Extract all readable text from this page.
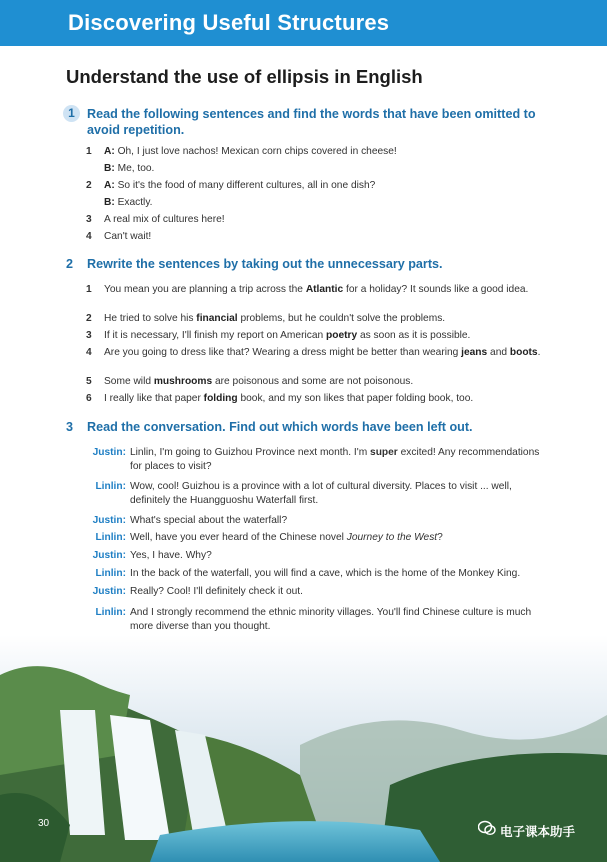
Discovering Useful Structures
Understand the use of ellipsis in English
1 Read the following sentences and find the words that have been omitted to avoid repetition.
1	A: Oh, I just love nachos! Mexican corn chips covered in cheese!
B: Me, too.
2	A: So it's the food of many different cultures, all in one dish?
B: Exactly.
3	A real mix of cultures here!
4	Can't wait!
2 Rewrite the sentences by taking out the unnecessary parts.
1	You mean you are planning a trip across the Atlantic for a holiday? It sounds like a good idea.
2	He tried to solve his financial problems, but he couldn't solve the problems.
3	If it is necessary, I'll finish my report on American poetry as soon as it is possible.
4	Are you going to dress like that? Wearing a dress might be better than wearing jeans and boots.
5	Some wild mushrooms are poisonous and some are not poisonous.
6	I really like that paper folding book, and my son likes that paper folding book, too.
3 Read the conversation. Find out which words have been left out.
Justin: Linlin, I'm going to Guizhou Province next month. I'm super excited! Any recommendations for places to visit?
Linlin: Wow, cool! Guizhou is a province with a lot of cultural diversity. Places to visit ... well, definitely the Huangguoshu Waterfall first.
Justin: What's special about the waterfall?
Linlin: Well, have you ever heard of the Chinese novel Journey to the West?
Justin: Yes, I have. Why?
Linlin: In the back of the waterfall, you will find a cave, which is the home of the Monkey King.
Justin: Really? Cool! I'll definitely check it out.
Linlin: And I strongly recommend the ethnic minority villages. You'll find Chinese culture is much more diverse than you thought.
30
电子课本助手
